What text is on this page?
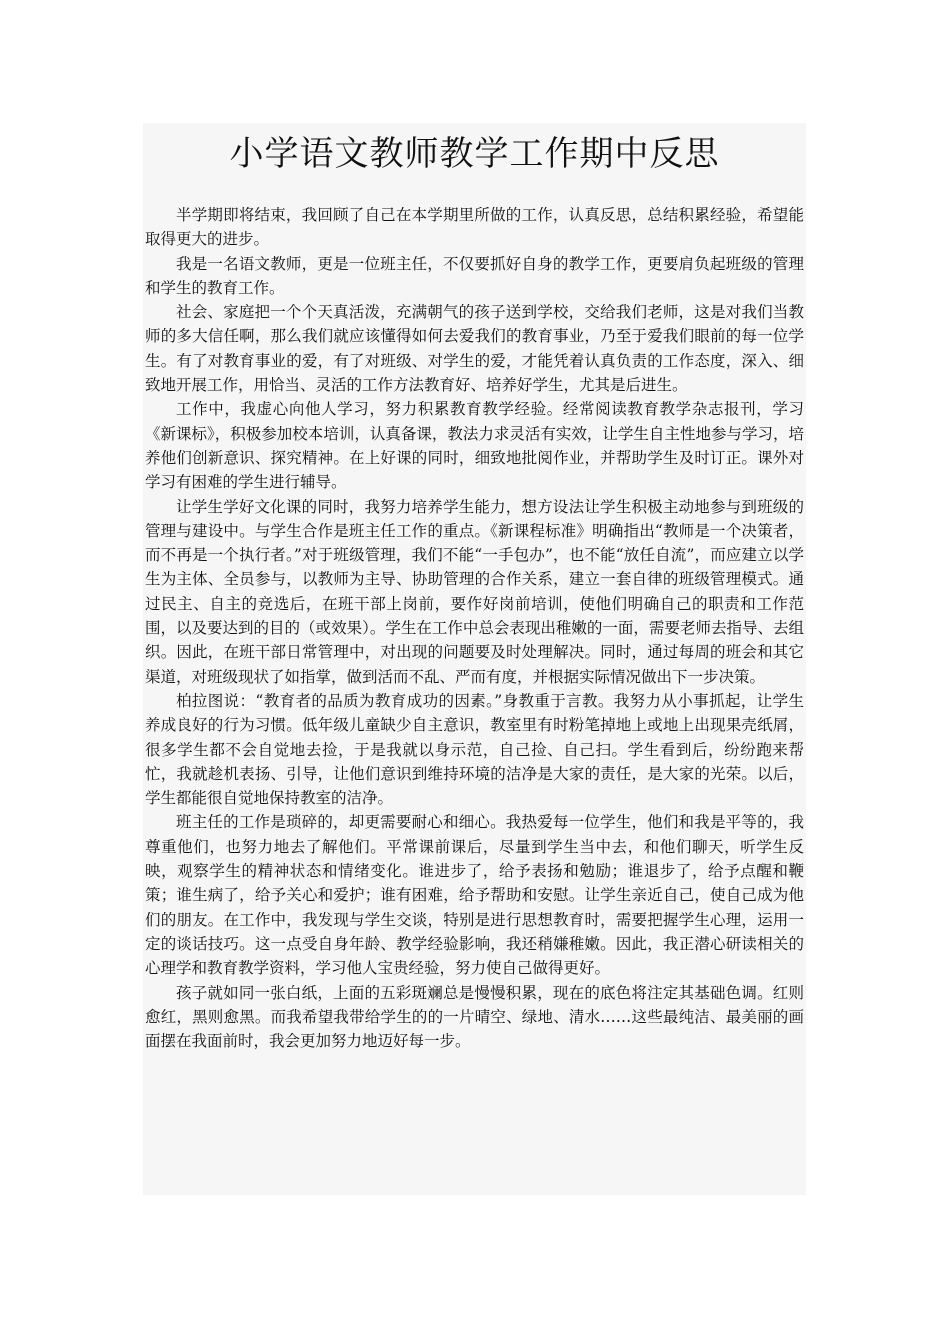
小学语文教师教学工作期中反思

半学期即将结束，我回顾了自己在本学期里所做的工作，认真反思，总结积累经验，希望能取得更大的进步。

我是一名语文教师，更是一位班主任，不仅要抓好自身的教学工作，更要肩负起班级的管理和学生的教育工作。

社会、家庭把一个个天真活泼，充满朝气的孩子送到学校，交给我们老师，这是对我们当教师的多大信任啊，那么我们就应该懂得如何去爱我们的教育事业，乃至于爱我们眼前的每一位学生。有了对教育事业的爱，有了对班级、对学生的爱，才能凭着认真负责的工作态度，深入、细致地开展工作，用恰当、灵活的工作方法教育好、培养好学生，尤其是后进生。

工作中，我虚心向他人学习，努力积累教育教学经验。经常阅读教育教学杂志报刊，学习《新课标》，积极参加校本培训，认真备课，教法力求灵活有实效，让学生自主性地参与学习，培养他们创新意识、探究精神。在上好课的同时，细致地批阅作业，并帮助学生及时订正。课外对学习有困难的学生进行辅导。

让学生学好文化课的同时，我努力培养学生能力，想方设法让学生积极主动地参与到班级的管理与建设中。与学生合作是班主任工作的重点。《新课程标准》明确指出“教师是一个决策者，而不再是一个执行者。”对于班级管理，我们不能“一手包办”，也不能“放任自流”，而应建立以学生为主体、全员参与，以教师为主导、协助管理的合作关系，建立一套自律的班级管理模式。通过民主、自主的竞选后，在班干部上岗前，要作好岗前培训，使他们明确自己的职责和工作范围，以及要达到的目的（或效果）。学生在工作中总会表现出稚嫩的一面，需要老师去指导、去组织。因此，在班干部日常管理中，对出现的问题要及时处理解决。同时，通过每周的班会和其它渠道，对班级现状了如指掌，做到活而不乱、严而有度，并根据实际情况做出下一步决策。

柏拉图说：“教育者的品质为教育成功的因素。”身教重于言教。我努力从小事抓起，让学生养成良好的行为习惯。低年级儿童缺少自主意识，教室里有时粉笔掉地上或地上出现果壳纸屑，很多学生都不会自觉地去捡，于是我就以身示范，自己捡、自己扫。学生看到后，纷纷跑来帮忙，我就趁机表扬、引导，让他们意识到维持环境的洁净是大家的责任，是大家的光荣。以后，学生都能很自觉地保持教室的洁净。

班主任的工作是琐碎的，却更需要耐心和细心。我热爱每一位学生，他们和我是平等的，我尊重他们，也努力地去了解他们。平常课前课后，尽量到学生当中去，和他们聊天，听学生反映，观察学生的精神状态和情绪变化。谁进步了，给予表扬和勉励；谁退步了，给予点醒和鞭策；谁生病了，给予关心和爱护；谁有困难，给予帮助和安慰。让学生亲近自己，使自己成为他们的朋友。在工作中，我发现与学生交谈，特别是进行思想教育时，需要把握学生心理，运用一定的谈话技巧。这一点受自身年龄、教学经验影响，我还稍嫌稚嫩。因此，我正潜心研读相关的心理学和教育教学资料，学习他人宝贵经验，努力使自己做得更好。

孩子就如同一张白纸，上面的五彩斑斓总是慢慢积累，现在的底色将注定其基础色调。红则愈红，黑则愈黑。而我希望我带给学生的的一片晴空、绿地、清水……这些最纯洁、最美丽的画面摆在我面前时，我会更加努力地迈好每一步。
